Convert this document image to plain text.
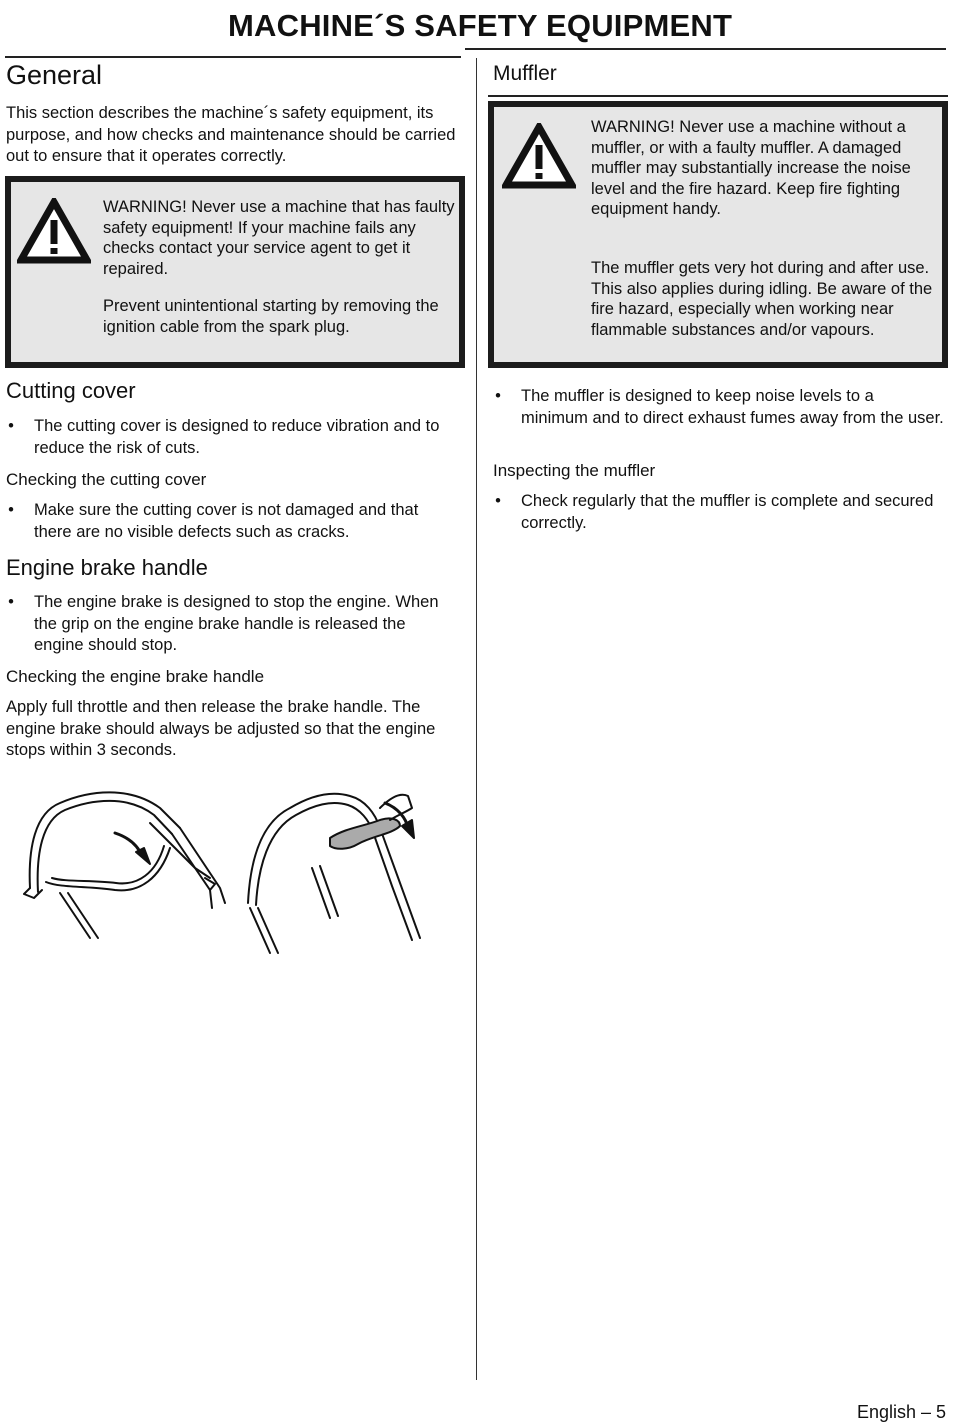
MACHINE´S SAFETY EQUIPMENT
General
This section describes the machine´s safety equipment, its purpose, and how checks and maintenance should be carried out to ensure that it operates correctly.
WARNING! Never use a machine that has faulty safety equipment! If your machine fails any checks contact your service agent to get it repaired.
Prevent unintentional starting by removing the ignition cable from the spark plug.
Cutting cover
• The cutting cover is designed to reduce vibration and to reduce the risk of cuts.
Checking the cutting cover
• Make sure the cutting cover is not damaged and that there are no visible defects such as cracks.
Engine brake handle
• The engine brake is designed to stop the engine. When the grip on the engine brake handle is released the engine should stop.
Checking the engine brake handle
Apply full throttle and then release the brake handle. The engine brake should always be adjusted so that the engine stops within 3 seconds.
Muffler
WARNING! Never use a machine without a muffler, or with a faulty muffler. A damaged muffler may substantially increase the noise level and the fire hazard. Keep fire fighting equipment handy.
The muffler gets very hot during and after use. This also applies during idling. Be aware of the fire hazard, especially when working near flammable substances and/or vapours.
• The muffler is designed to keep noise levels to a minimum and to direct exhaust fumes away from the user.
Inspecting the muffler
• Check regularly that the muffler is complete and secured correctly.
English – 5
